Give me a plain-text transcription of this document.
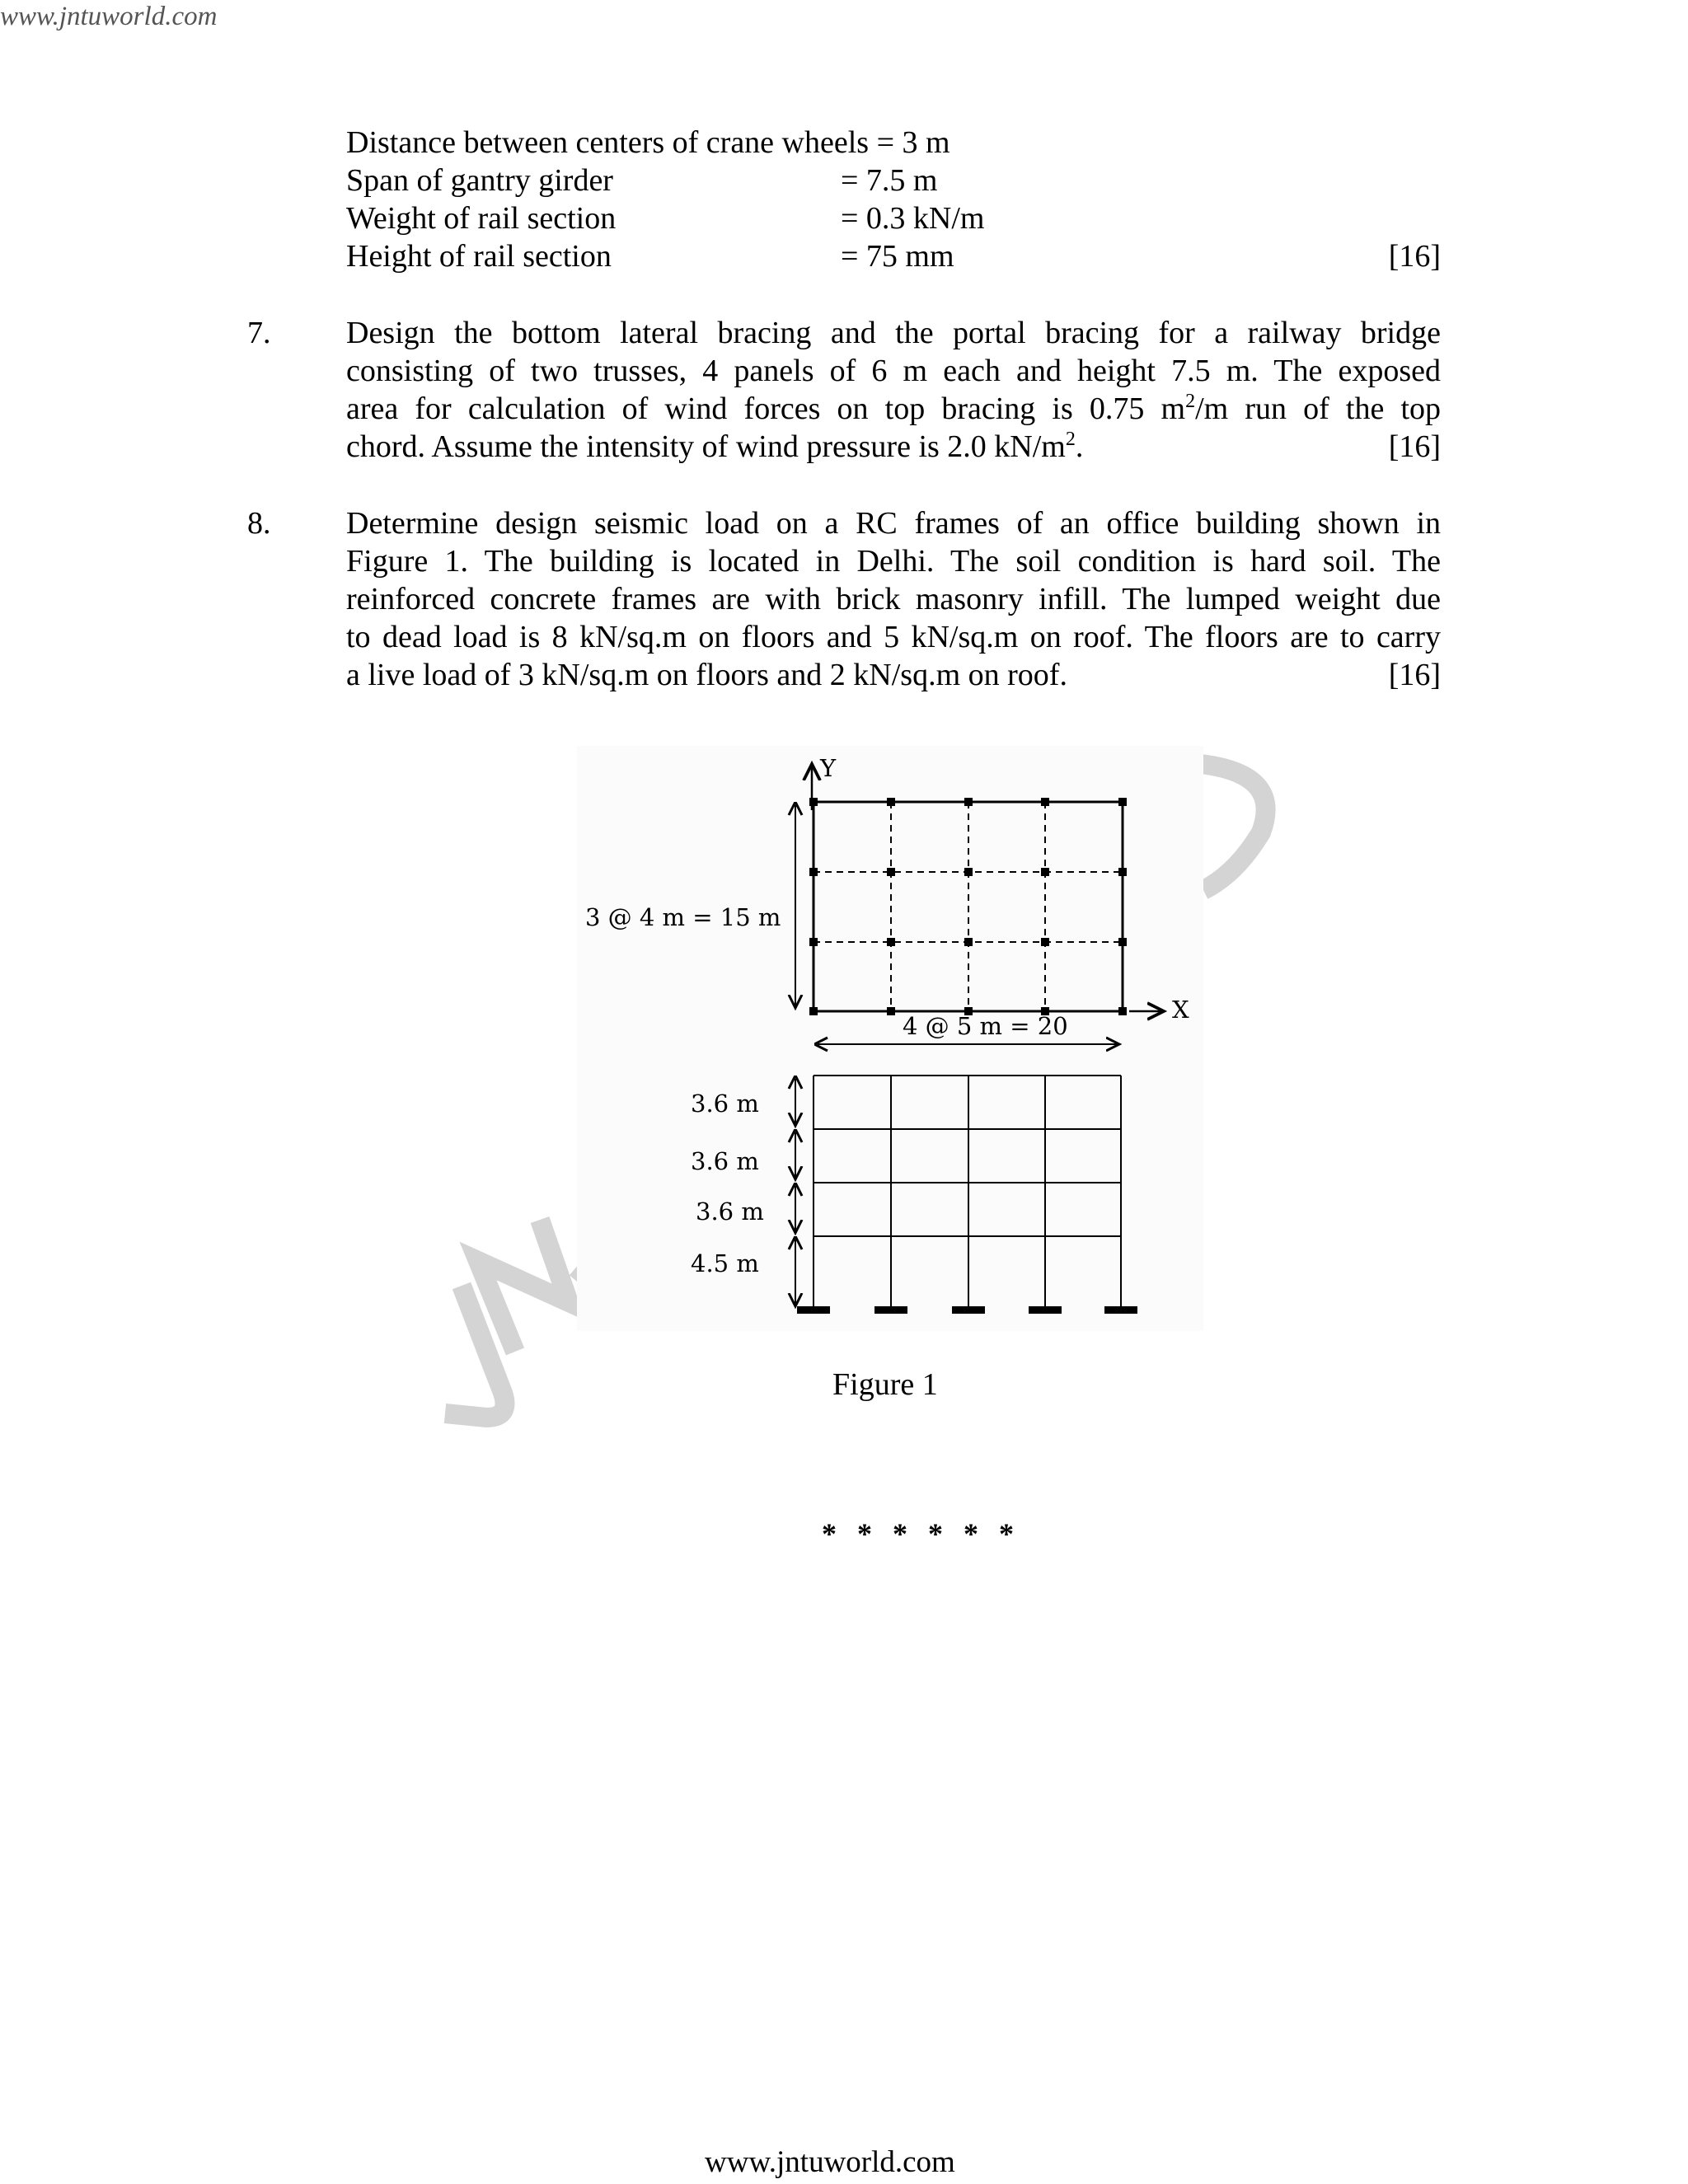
www.jntuworld.com
Distance between centers of crane wheels = 3 m
Span of gantry girder	= 7.5 m
Weight of rail section	= 0.3 kN/m
Height of rail section	= 75 mm	[16]
7. Design the bottom lateral bracing and the portal bracing for a railway bridge
consisting of two trusses, 4 panels of 6 m each and height 7.5 m. The exposed
area for calculation of wind forces on top bracing is 0.75 $m^2/m$ run of the top
chord. Assume the intensity of wind pressure is 2.0 $kN/m^2$.	[16]
8. Determine design seismic load on a RC frames of an office building shown in
Figure 1. The building is located in Delhi. The soil condition is hard soil. The
reinforced concrete frames are with brick masonry infill. The lumped weight due
to dead load is 8 kN/sq.m on floors and 5 kN/sq.m on roof. The floors are to carry
a live load of 3 kN/sq.m on floors and 2 kN/sq.m on roof.	[16]
Y
X
3 @ 4 m = 15 m
4 @ 5 m = 20
3.6 m
3.6 m
3.6 m
4.5 m
Figure 1
* * * * * *
www.jntuworld.com
